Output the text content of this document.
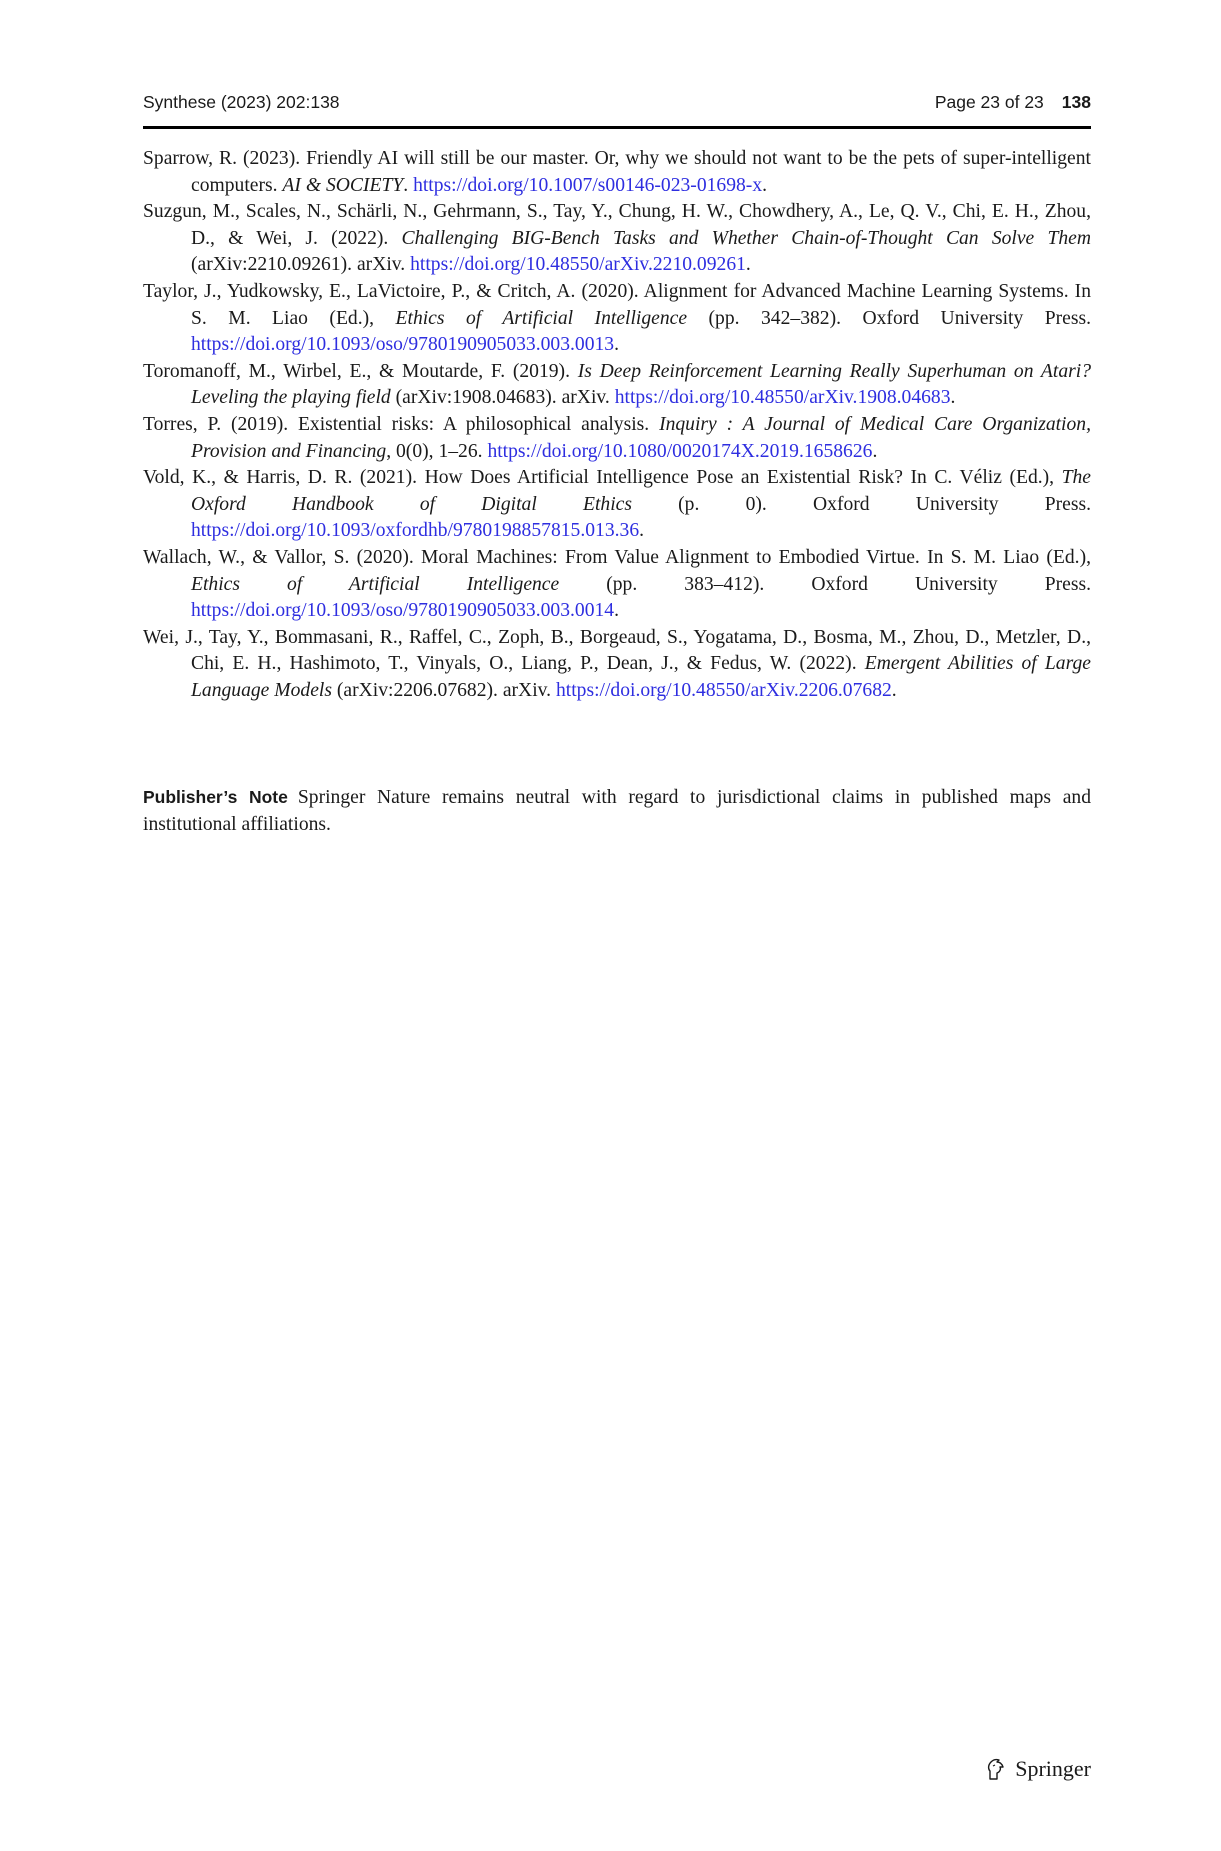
Synthese (2023) 202:138	Page 23 of 23 138

Sparrow, R. (2023). Friendly AI will still be our master. Or, why we should not want to be the pets of super-intelligent computers. AI & SOCIETY. https://doi.org/10.1007/s00146-023-01698-x.

Suzgun, M., Scales, N., Schärli, N., Gehrmann, S., Tay, Y., Chung, H. W., Chowdhery, A., Le, Q. V., Chi, E. H., Zhou, D., & Wei, J. (2022). Challenging BIG-Bench Tasks and Whether Chain-of-Thought Can Solve Them (arXiv:2210.09261). arXiv. https://doi.org/10.48550/arXiv.2210.09261.

Taylor, J., Yudkowsky, E., LaVictoire, P., & Critch, A. (2020). Alignment for Advanced Machine Learning Systems. In S. M. Liao (Ed.), Ethics of Artificial Intelligence (pp. 342–382). Oxford University Press. https://doi.org/10.1093/oso/9780190905033.003.0013.

Toromanoff, M., Wirbel, E., & Moutarde, F. (2019). Is Deep Reinforcement Learning Really Superhuman on Atari? Leveling the playing field (arXiv:1908.04683). arXiv. https://doi.org/10.48550/arXiv.1908.04683.

Torres, P. (2019). Existential risks: A philosophical analysis. Inquiry : A Journal of Medical Care Organization, Provision and Financing, 0(0), 1–26. https://doi.org/10.1080/0020174X.2019.1658626.

Vold, K., & Harris, D. R. (2021). How Does Artificial Intelligence Pose an Existential Risk? In C. Véliz (Ed.), The Oxford Handbook of Digital Ethics (p. 0). Oxford University Press. https://doi.org/10.1093/oxfordhb/9780198857815.013.36.

Wallach, W., & Vallor, S. (2020). Moral Machines: From Value Alignment to Embodied Virtue. In S. M. Liao (Ed.), Ethics of Artificial Intelligence (pp. 383–412). Oxford University Press. https://doi.org/10.1093/oso/9780190905033.003.0014.

Wei, J., Tay, Y., Bommasani, R., Raffel, C., Zoph, B., Borgeaud, S., Yogatama, D., Bosma, M., Zhou, D., Metzler, D., Chi, E. H., Hashimoto, T., Vinyals, O., Liang, P., Dean, J., & Fedus, W. (2022). Emergent Abilities of Large Language Models (arXiv:2206.07682). arXiv. https://doi.org/10.48550/arXiv.2206.07682.

Publisher’s Note Springer Nature remains neutral with regard to jurisdictional claims in published maps and institutional affiliations.
Springer
